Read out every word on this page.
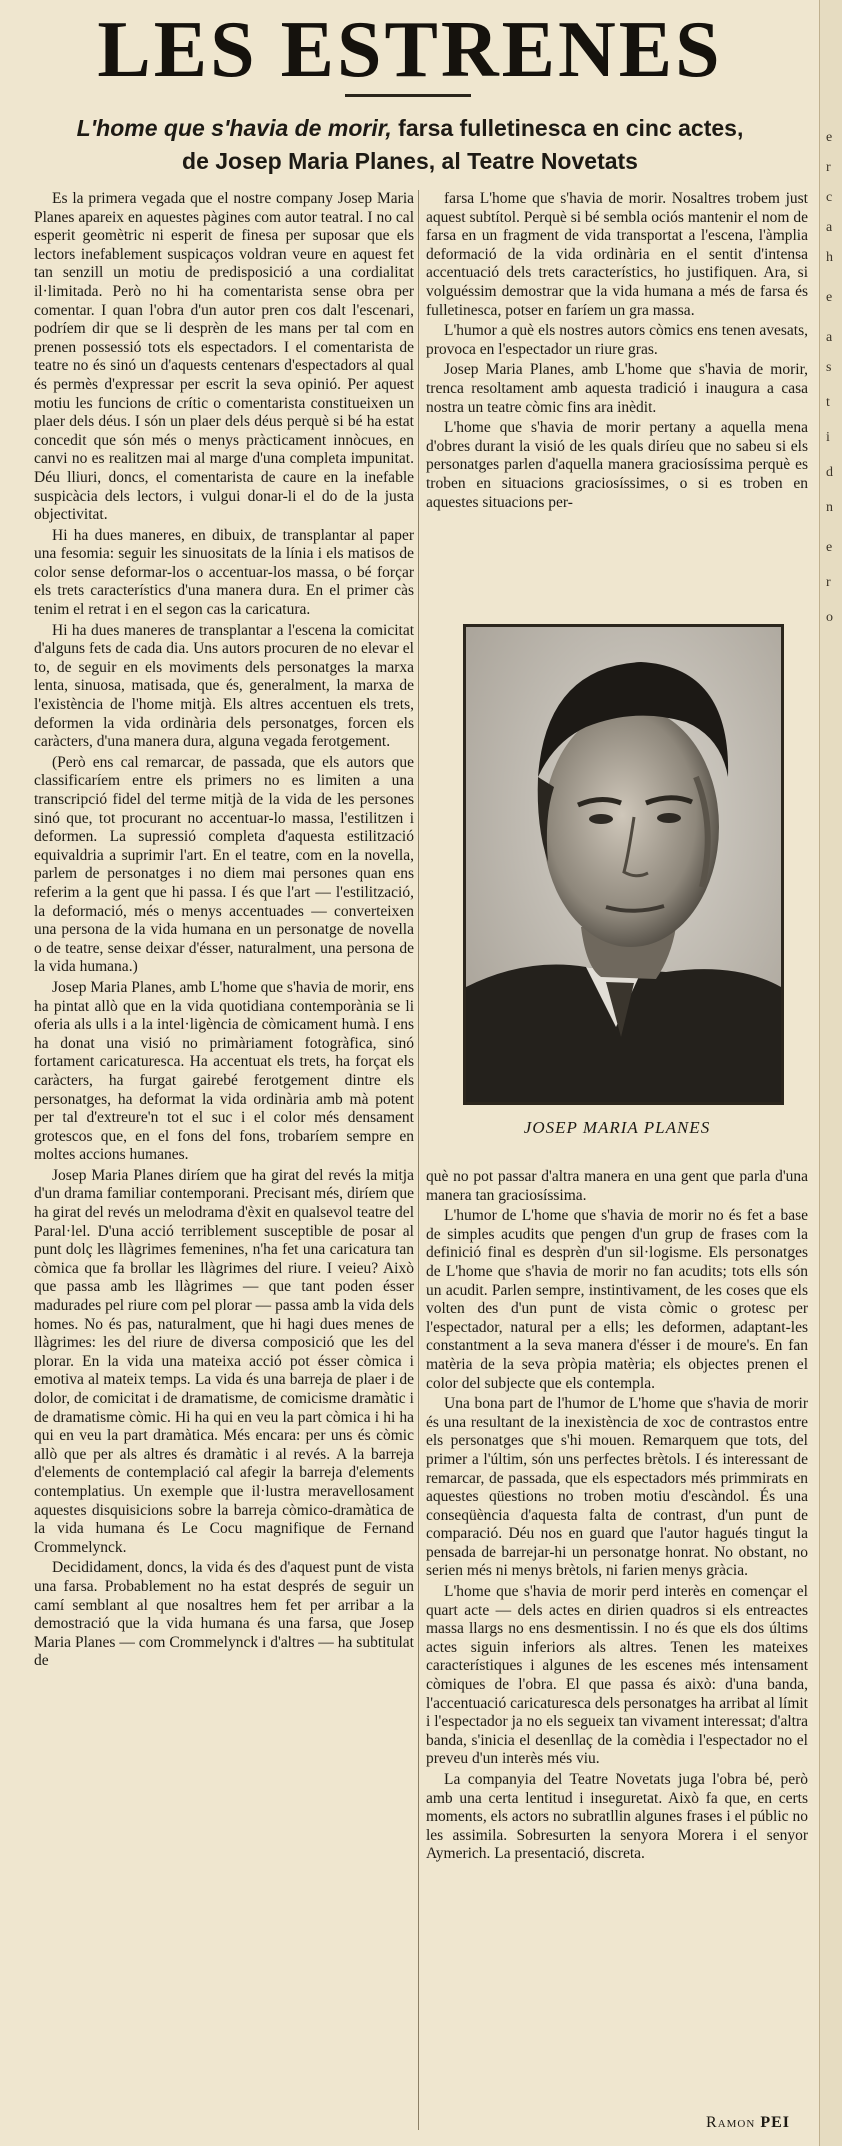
LES ESTRENES
L'home que s'havia de morir, farsa fulletinesca en cinc actes,
de Josep Maria Planes, al Teatre Novetats

Es la primera vegada que el nostre company Josep Maria Planes apareix en aquestes pàgines com autor teatral. I no cal esperit geomètric ni esperit de finesa per suposar que els lectors inefablement suspicaços voldran veure en aquest fet tan senzill un motiu de predisposició a una cordialitat il·limitada. Però no hi ha comentarista sense obra per comentar. I quan l'obra d'un autor pren cos dalt l'escenari, podríem dir que se li desprèn de les mans per tal com en prenen possessió tots els espectadors. I el comentarista de teatre no és sinó un d'aquests centenars d'espectadors al qual és permès d'expressar per escrit la seva opinió. Per aquest motiu les funcions de crític o comentarista constitueixen un plaer dels déus. I són un plaer dels déus perquè si bé ha estat concedit que són més o menys pràcticament innòcues, en canvi no es realitzen mai al marge d'una completa impunitat. Déu lliuri, doncs, el comentarista de caure en la inefable suspicàcia dels lectors, i vulgui donar-li el do de la justa objectivitat.

Hi ha dues maneres, en dibuix, de transplantar al paper una fesomia: seguir les sinuositats de la línia i els matisos de color sense deformar-los o accentuar-los massa, o bé forçar els trets característics d'una manera dura. En el primer càs tenim el retrat i en el segon cas la caricatura.

Hi ha dues maneres de transplantar a l'escena la comicitat d'alguns fets de cada dia. Uns autors procuren de no elevar el to, de seguir en els moviments dels personatges la marxa lenta, sinuosa, matisada, que és, generalment, la marxa de l'existència de l'home mitjà. Els altres accentuen els trets, deformen la vida ordinària dels personatges, forcen els caràcters, d'una manera dura, alguna vegada ferotgement.

(Però ens cal remarcar, de passada, que els autors que classificaríem entre els primers no es limiten a una transcripció fidel del terme mitjà de la vida de les persones sinó que, tot procurant no accentuar-lo massa, l'estilitzen i deformen. La supressió completa d'aquesta estilització equivaldria a suprimir l'art. En el teatre, com en la novella, parlem de personatges i no diem mai persones quan ens referim a la gent que hi passa. I és que l'art — l'estilització, la deformació, més o menys accentuades — converteixen una persona de la vida humana en un personatge de novella o de teatre, sense deixar d'ésser, naturalment, una persona de la vida humana.)

Josep Maria Planes, amb L'home que s'havia de morir, ens ha pintat allò que en la vida quotidiana contemporània se li oferia als ulls i a la intel·ligència de còmicament humà. I ens ha donat una visió no primàriament fotogràfica, sinó fortament caricaturesca. Ha accentuat els trets, ha forçat els caràcters, ha furgat gairebé ferotgement dintre els personatges, ha deformat la vida ordinària amb mà potent per tal d'extreure'n tot el suc i el color més densament grotescos que, en el fons del fons, trobaríem sempre en moltes accions humanes.

Josep Maria Planes diríem que ha girat del revés la mitja d'un drama familiar contemporani. Precisant més, diríem que ha girat del revés un melodrama d'èxit en qualsevol teatre del Paral·lel. D'una acció terriblement susceptible de posar al punt dolç les llàgrimes femenines, n'ha fet una caricatura tan còmica que fa brollar les llàgrimes del riure. I veieu? Això que passa amb les llàgrimes — que tant poden ésser madurades pel riure com pel plorar — passa amb la vida dels homes. No és pas, naturalment, que hi hagi dues menes de llàgrimes: les del riure de diversa composició que les del plorar. En la vida una mateixa acció pot ésser còmica i emotiva al mateix temps. La vida és una barreja de plaer i de dolor, de comicitat i de dramatisme, de comicisme dramàtic i de dramatisme còmic. Hi ha qui en veu la part còmica i hi ha qui en veu la part dramàtica. Més encara: per uns és còmic allò que per als altres és dramàtic i al revés. A la barreja d'elements de contemplació cal afegir la barreja d'elements contemplatius. Un exemple que il·lustra meravellosament aquestes disquisicions sobre la barreja còmico-dramàtica de la vida humana és Le Cocu magnifique de Fernand Crommelynck.

Decididament, doncs, la vida és des d'aquest punt de vista una farsa. Probablement no ha estat després de seguir un camí semblant al que nosaltres hem fet per arribar a la demostració que la vida humana és una farsa, que Josep Maria Planes — com Crommelynck i d'altres — ha subtitulat de

farsa L'home que s'havia de morir. Nosaltres trobem just aquest subtítol. Perquè si bé sembla ociós mantenir el nom de farsa en un fragment de vida transportat a l'escena, l'àmplia deformació de la vida ordinària en el sentit d'intensa accentuació dels trets característics, ho justifiquen. Ara, si volguéssim demostrar que la vida humana a més de farsa és fulletinesca, potser en faríem un gra massa.

L'humor a què els nostres autors còmics ens tenen avesats, provoca en l'espectador un riure gras.

Josep Maria Planes, amb L'home que s'havia de morir, trenca resoltament amb aquesta tradició i inaugura a casa nostra un teatre còmic fins ara inèdit.

L'home que s'havia de morir pertany a aquella mena d'obres durant la visió de les quals diríeu que no sabeu si els personatges parlen d'aquella manera graciosíssima perquè es troben en situacions graciosíssimes, o si es troben en aquestes situacions per-

JOSEP MARIA PLANES

què no pot passar d'altra manera en una gent que parla d'una manera tan graciosíssima.

L'humor de L'home que s'havia de morir no és fet a base de simples acudits que pengen d'un grup de frases com la definició final es desprèn d'un sil·logisme. Els personatges de L'home que s'havia de morir no fan acudits; tots ells són un acudit. Parlen sempre, instintivament, de les coses que els volten des d'un punt de vista còmic o grotesc per l'espectador, natural per a ells; les deformen, adaptant-les constantment a la seva manera d'ésser i de moure's. En fan matèria de la seva pròpia matèria; els objectes prenen el color del subjecte que els contempla.

Una bona part de l'humor de L'home que s'havia de morir és una resultant de la inexistència de xoc de contrastos entre els personatges que s'hi mouen. Remarquem que tots, del primer a l'últim, són uns perfectes brètols. I és interessant de remarcar, de passada, que els espectadors més primmirats en aquestes qüestions no troben motiu d'escàndol. És una conseqüència d'aquesta falta de contrast, d'un punt de comparació. Déu nos en guard que l'autor hagués tingut la pensada de barrejar-hi un personatge honrat. No obstant, no serien més ni menys brètols, ni farien menys gràcia.

L'home que s'havia de morir perd interès en començar el quart acte — dels actes en dirien quadros si els entreactes massa llargs no ens desmentissin. I no és que els dos últims actes siguin inferiors als altres. Tenen les mateixes característiques i algunes de les escenes més intensament còmiques de l'obra. El que passa és això: d'una banda, l'accentuació caricaturesca dels personatges ha arribat al límit i l'espectador ja no els segueix tan vivament interessat; d'altra banda, s'inicia el desenllaç de la comèdia i l'espectador no el preveu d'un interès més viu.

La companyia del Teatre Novetats juga l'obra bé, però amb una certa lentitud i inseguretat. Això fa que, en certs moments, els actors no subratllin algunes frases i el públic no les assimila. Sobresurten la senyora Morera i el senyor Aymerich. La presentació, discreta.

Ramon PEI
e
r
c
a
h
e
a
s
t
i
d
n
e
r
o
